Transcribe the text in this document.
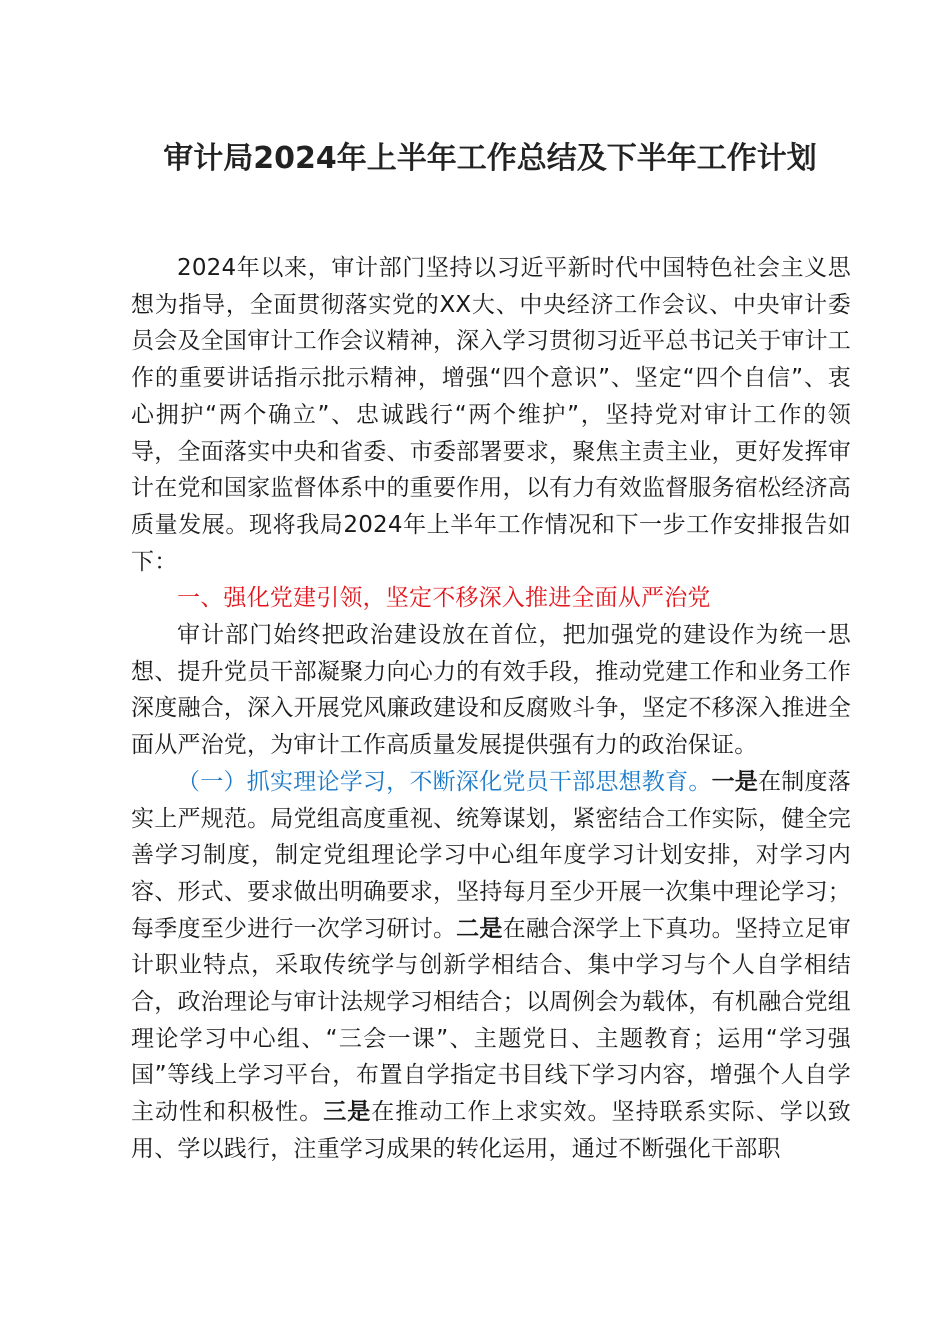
审计局2024年上半年工作总结及下半年工作计划

2024年以来，审计部门坚持以习近平新时代中国特色社会主义思想为指导，全面贯彻落实党的XX大、中央经济工作会议、中央审计委员会及全国审计工作会议精神，深入学习贯彻习近平总书记关于审计工作的重要讲话指示批示精神，增强“四个意识”、坚定“四个自信”、衷心拥护“两个确立”、忠诚践行“两个维护”，坚持党对审计工作的领导，全面落实中央和省委、市委部署要求，聚焦主责主业，更好发挥审计在党和国家监督体系中的重要作用，以有力有效监督服务宿松经济高质量发展。现将我局2024年上半年工作情况和下一步工作安排报告如下：

一、强化党建引领，坚定不移深入推进全面从严治党

审计部门始终把政治建设放在首位，把加强党的建设作为统一思想、提升党员干部凝聚力向心力的有效手段，推动党建工作和业务工作深度融合，深入开展党风廉政建设和反腐败斗争，坚定不移深入推进全面从严治党，为审计工作高质量发展提供强有力的政治保证。

（一）抓实理论学习，不断深化党员干部思想教育。一是在制度落实上严规范。局党组高度重视、统筹谋划，紧密结合工作实际，健全完善学习制度，制定党组理论学习中心组年度学习计划安排，对学习内容、形式、要求做出明确要求，坚持每月至少开展一次集中理论学习；每季度至少进行一次学习研讨。二是在融合深学上下真功。坚持立足审计职业特点，采取传统学与创新学相结合、集中学习与个人自学相结合，政治理论与审计法规学习相结合；以周例会为载体，有机融合党组理论学习中心组、“三会一课”、主题党日、主题教育；运用“学习强国”等线上学习平台，布置自学指定书目线下学习内容，增强个人自学主动性和积极性。三是在推动工作上求实效。坚持联系实际、学以致用、学以践行，注重学习成果的转化运用，通过不断强化干部职
